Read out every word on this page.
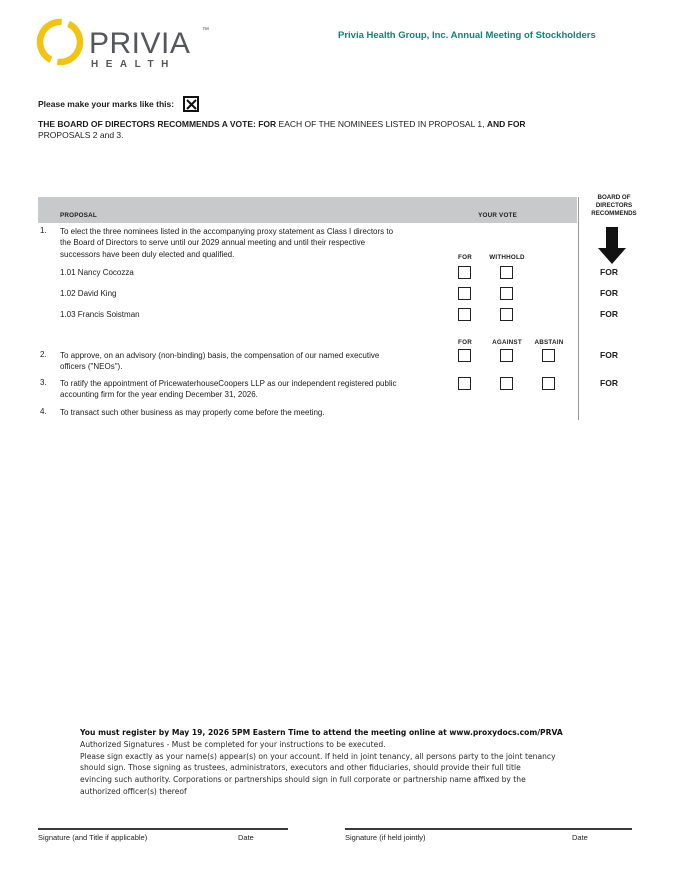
PRIVIA ™
HEALTH
Privia Health Group, Inc. Annual Meeting of Stockholders
Please make your marks like this:
THE BOARD OF DIRECTORS RECOMMENDS A VOTE: FOR EACH OF THE NOMINEES LISTED IN PROPOSAL 1, AND FOR
PROPOSALS 2 and 3.
PROPOSAL	YOUR VOTE
BOARD OF
DIRECTORS
RECOMMENDS
1. To elect the three nominees listed in the accompanying proxy statement as Class I directors to
the Board of Directors to serve until our 2029 annual meeting and until their respective
successors have been duly elected and qualified.	FOR	WITHHOLD
1.01 Nancy Cocozza	FOR
1.02 David King	FOR
1.03 Francis Soistman	FOR
FOR	AGAINST ABSTAIN
2. To approve, on an advisory (non-binding) basis, the compensation of our named executive
officers ("NEOs").
FOR
3. To ratify the appointment of PricewaterhouseCoopers LLP as our independent registered public
accounting firm for the year ending December 31, 2026.
FOR
4. To transact such other business as may properly come before the meeting.
You must register by May 19, 2026 5PM Eastern Time to attend the meeting online at www.proxydocs.com/PRVA
Authorized Signatures - Must be completed for your instructions to be executed.
Please sign exactly as your name(s) appear(s) on your account. If held in joint tenancy, all persons party to the joint tenancy
should sign. Those signing as trustees, administrators, executors and other fiduciaries, should provide their full title
evincing such authority. Corporations or partnerships should sign in full corporate or partnership name affixed by the
authorized officer(s) thereof
Signature (and Title if applicable)	Date	Signature (if held jointly)	Date
